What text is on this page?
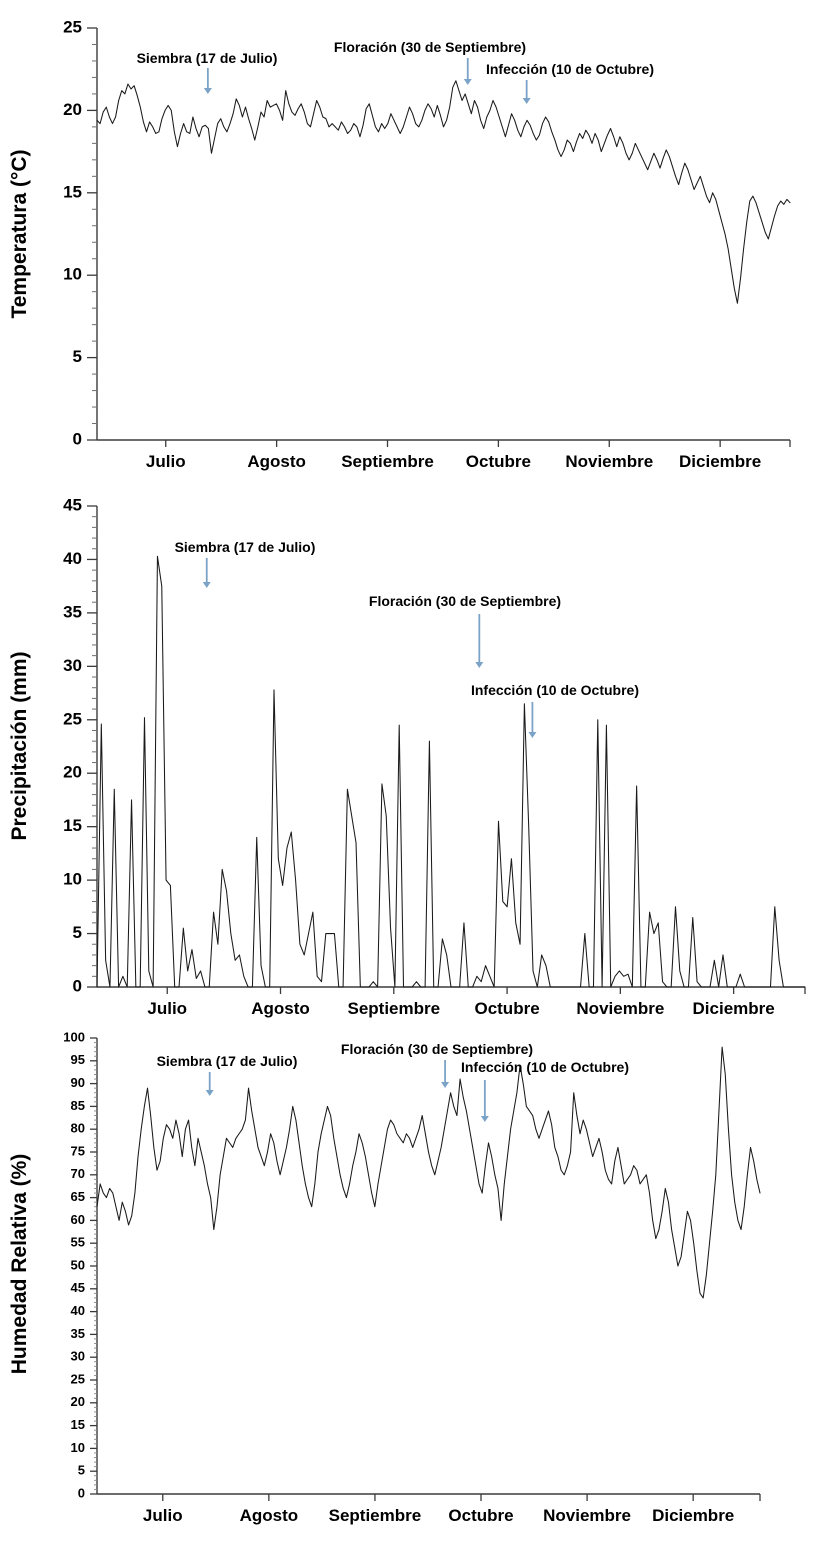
0
5
10
15
20
25
Julio	Agosto Septiembre Octubre Noviembre Diciembre
Temperatura (°C)
Siembra (17 de Julio)
Floración (30 de Septiembre)
Infección (10 de Octubre)
0
5
10
15
20
25
30
35
40
45
Julio	Agosto Septiembre Octubre Noviembre Diciembre
Precipitación (mm)
Siembra (17 de Julio)
Floración (30 de Septiembre)
Infección (10 de Octubre)
0
5
10
15
20
25
30
35
40
45
50
55
60
65
70
75
80
85
90
95
100
Julio	Agosto Septiembre Octubre Noviembre Diciembre
Humedad Relativa (%)
Siembra (17 de Julio)
Floración (30 de Septiembre)
Infección (10 de Octubre)
